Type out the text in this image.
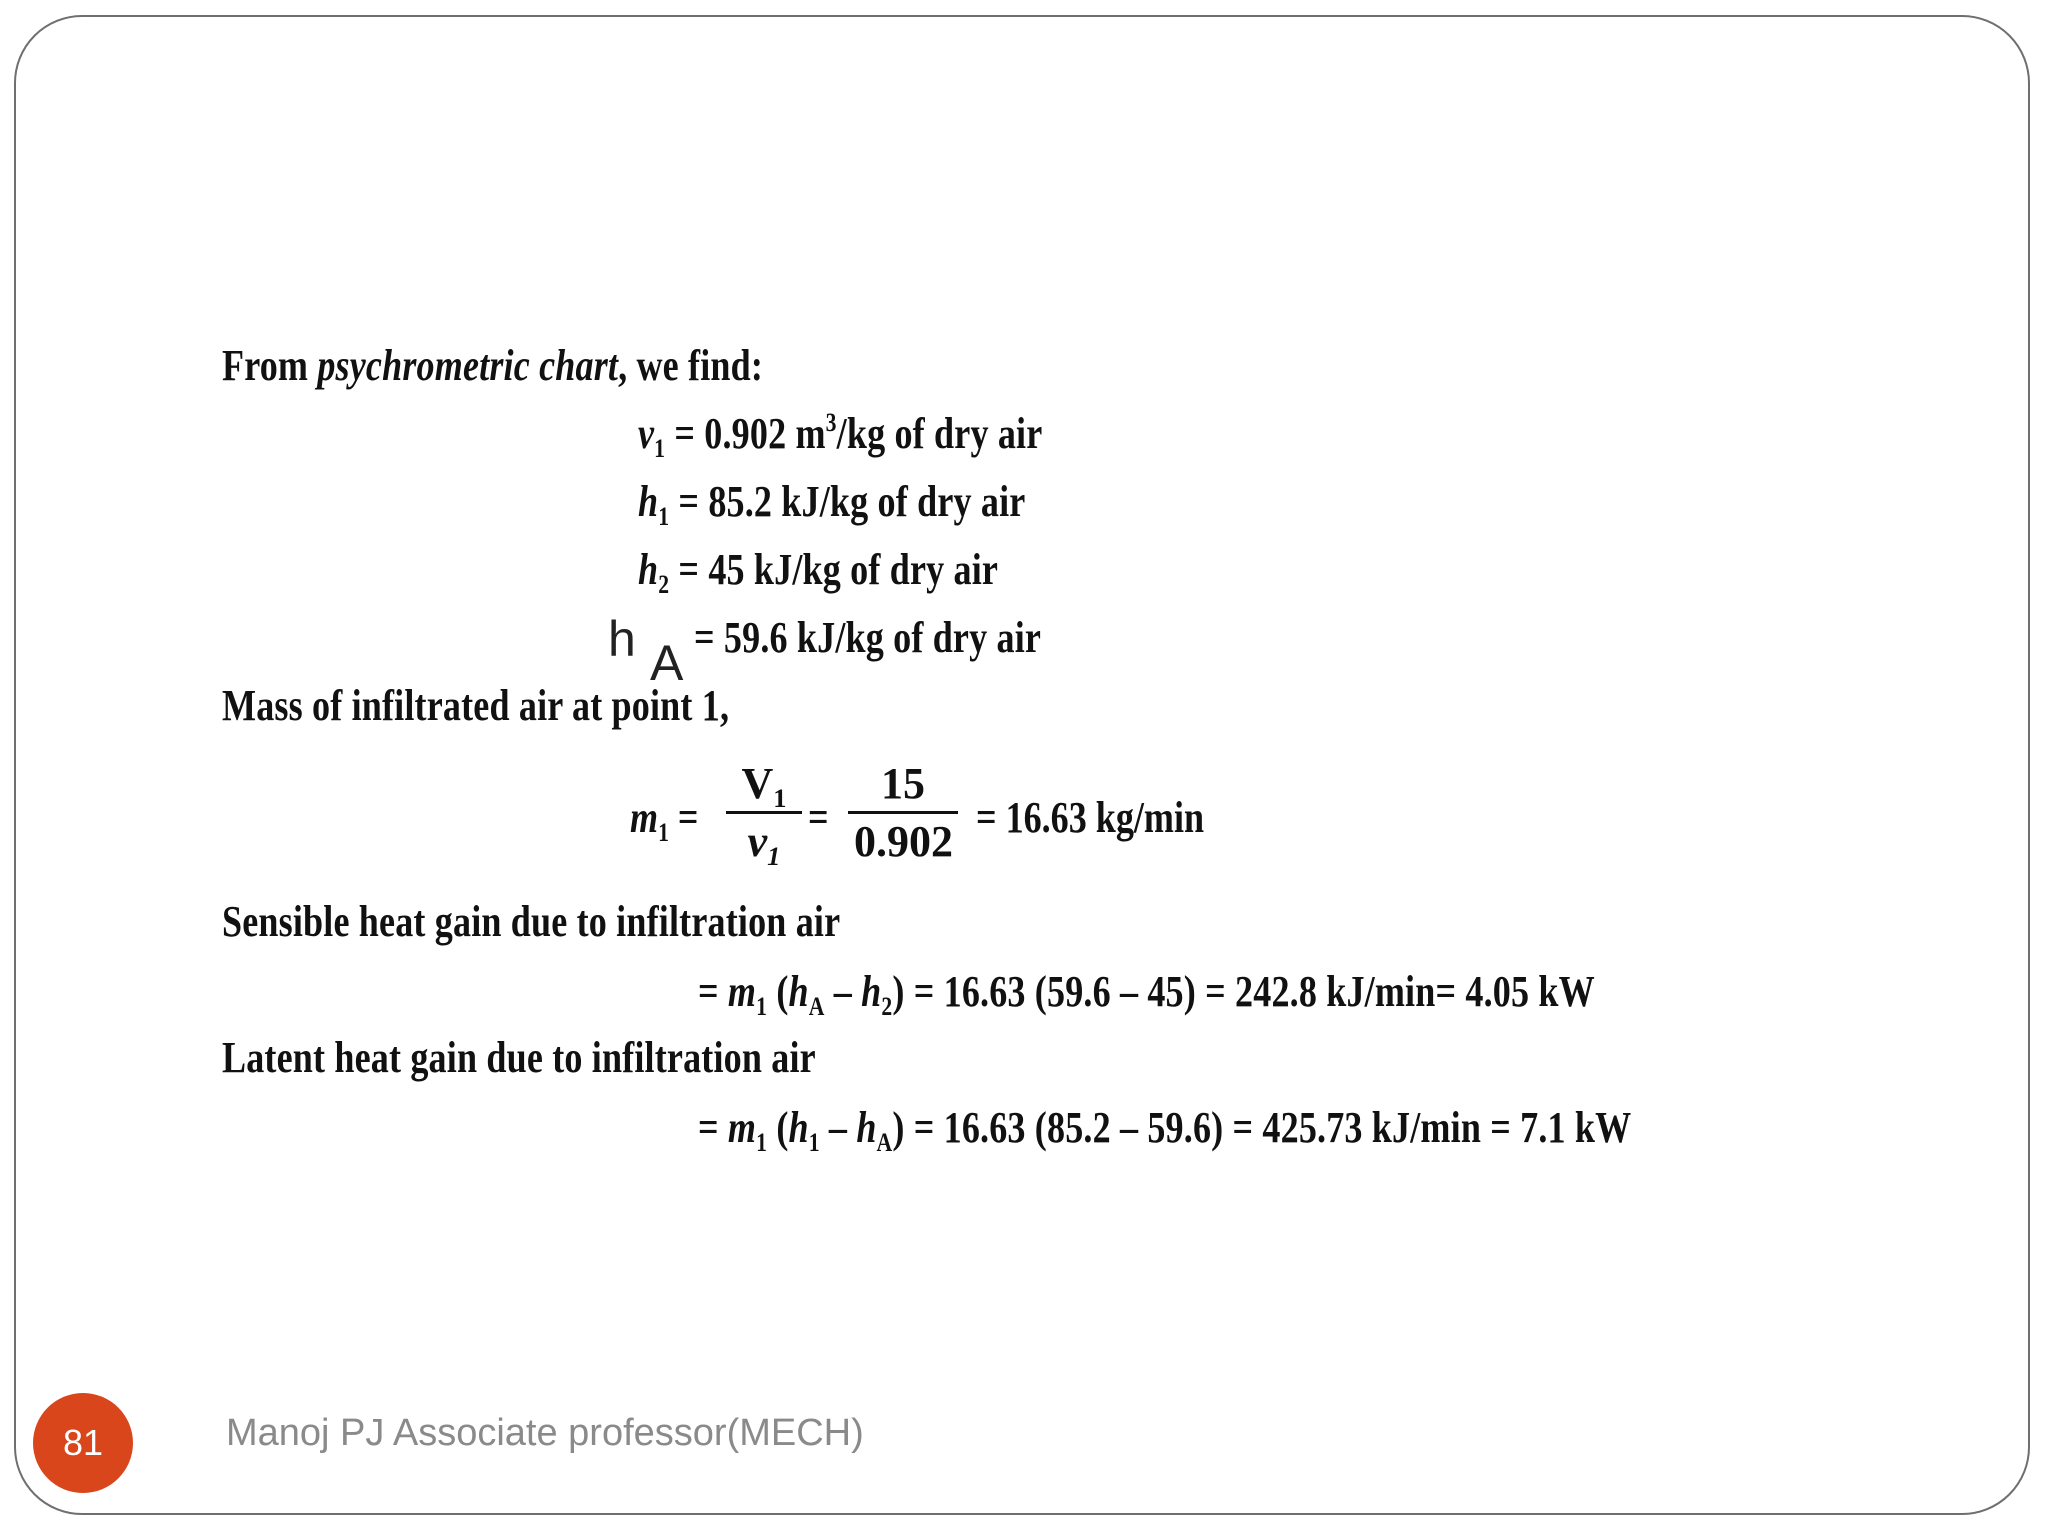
From psychrometric chart, we find:
$v_1 = 0.902$ $m^3/kg$ of dry air
$h_1 = 85.2$ kJ/kg of dry air
$h_2 = 45$ kJ/kg of dry air
h A = 59.6 kJ/kg of dry air
Mass of infiltrated air at point 1,
$m_1$ =
$V_1$
$v_1$
=
15
0.902 = 16.63 kg/min
Sensible heat gain due to infiltration air
= $m_1$ $(h_A - h_2) = 16.63$ (59.6 – 45) = 242.8 kJ/min= 4.05 kW
Latent heat gain due to infiltration air
= $m_1$ $(h_1 - h_A) = 16.63$ (85.2 – 59.6) = 425.73 kJ/min = 7.1 kW
81	Manoj PJ Associate professor(MECH)
